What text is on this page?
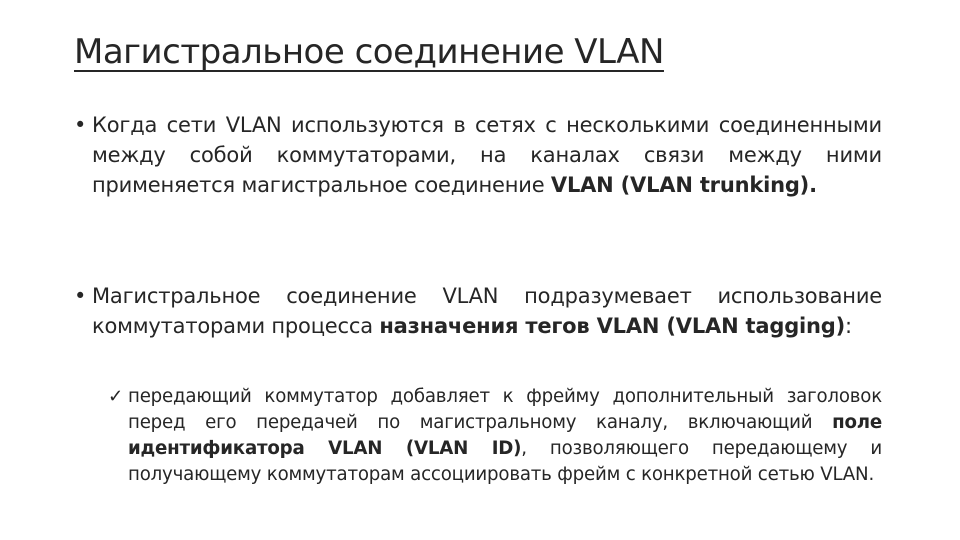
Магистральное соединение VLAN
• Когда сети VLAN используются в сетях с несколькими соединенными между собой коммутаторами, на каналах связи между ними применяется магистральное соединение VLAN (VLAN trunking).
• Магистральное соединение VLAN подразумевает использование коммутаторами процесса назначения тегов VLAN (VLAN tagging):
✓ передающий коммутатор добавляет к фрейму дополнительный заголовок перед его передачей по магистральному каналу, включающий поле идентификатора VLAN (VLAN ID), позволяющего передающему и получающему коммутаторам ассоциировать фрейм с конкретной сетью VLAN.
